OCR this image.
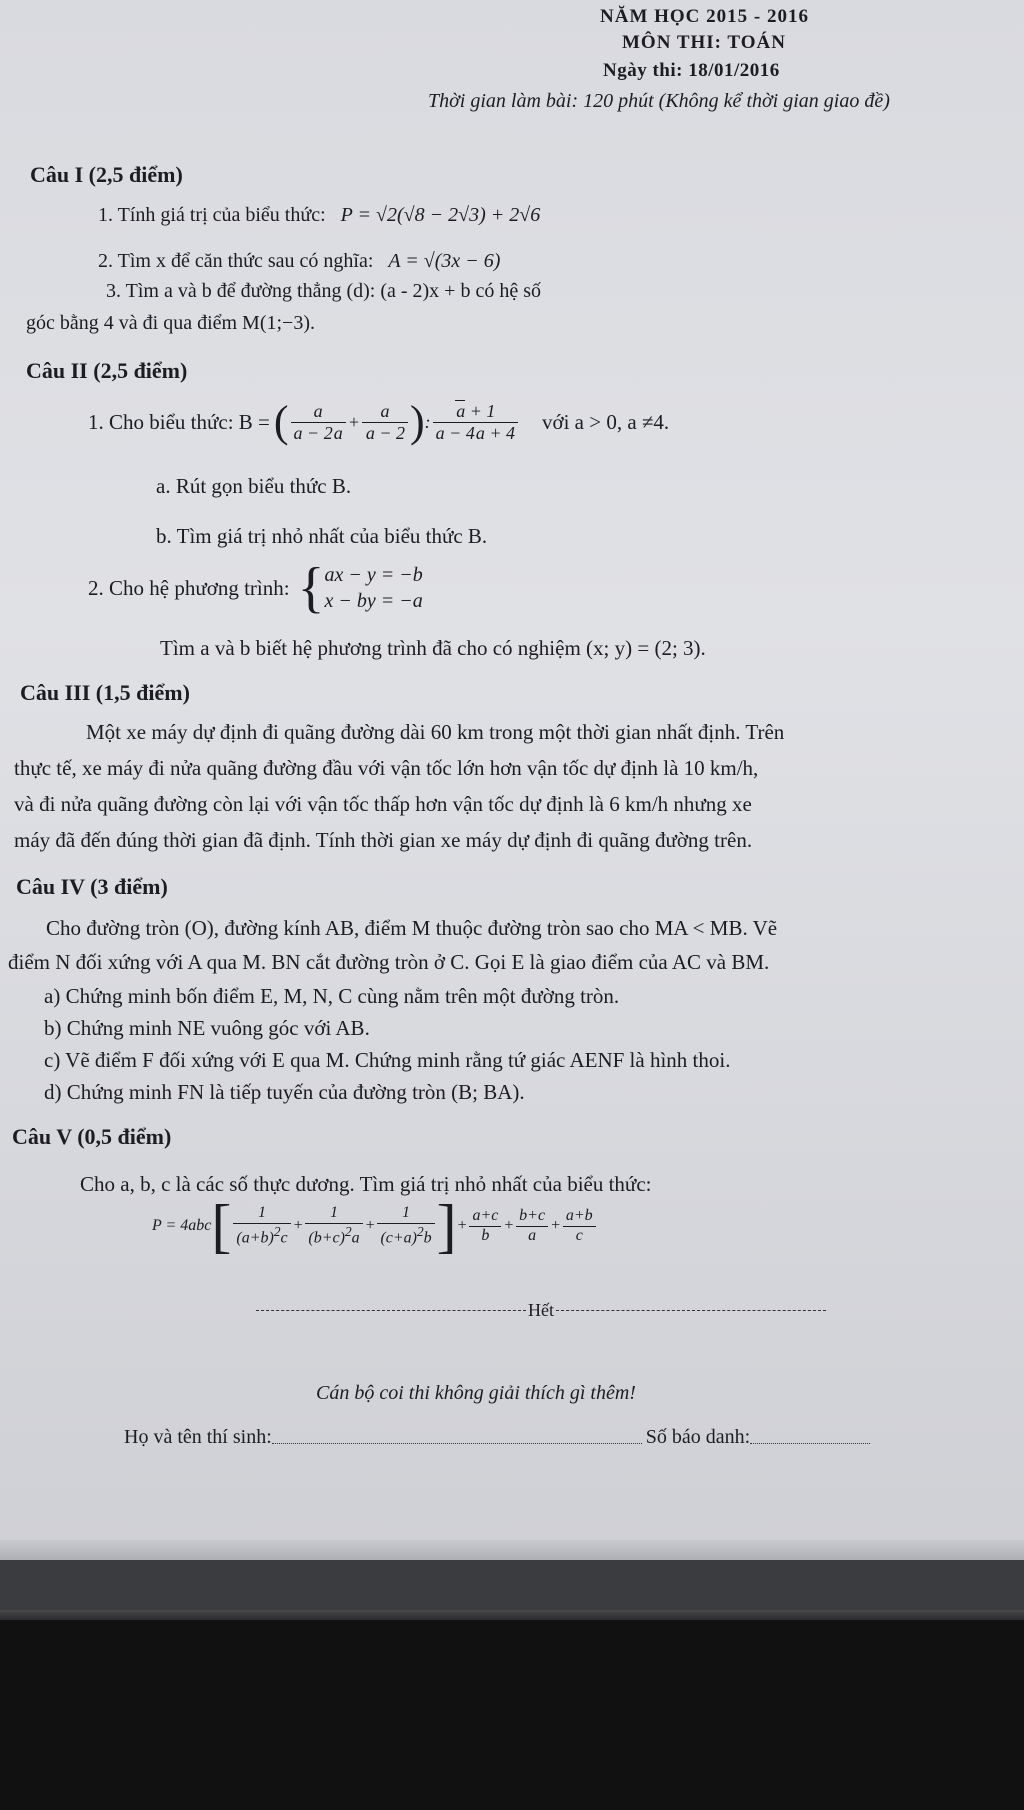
NĂM HỌC 2015 - 2016
MÔN THI: TOÁN
Ngày thi: 18/01/2016
Thời gian làm bài: 120 phút (Không kể thời gian giao đề)
Câu I (2,5 điểm)
1. Tính giá trị của biểu thức: P = √2(√8 − 2√3) + 2√6
2. Tìm x để căn thức sau có nghĩa: A = √(3x − 6)
3. Tìm a và b để đường thẳng (d): (a - 2)x + b có hệ số
góc bằng 4 và đi qua điểm M(1;−3).
Câu II (2,5 điểm)
1. Cho biểu thức: B = ( $\frac{a}{a - 2a} + \frac{a}{a - 2}$ ) : $\frac{a + 1}{a - 4a + 4}$ với a > 0, a ≠4.
a. Rút gọn biểu thức B.
b. Tìm giá trị nhỏ nhất của biểu thức B.
2. Cho hệ phương trình: { ax − y = −b
x − by = −a
Tìm a và b biết hệ phương trình đã cho có nghiệm (x; y) = (2; 3).
Câu III (1,5 điểm)
Một xe máy dự định đi quãng đường dài 60 km trong một thời gian nhất định. Trên
thực tế, xe máy đi nửa quãng đường đầu với vận tốc lớn hơn vận tốc dự định là 10 km/h,
và đi nửa quãng đường còn lại với vận tốc thấp hơn vận tốc dự định là 6 km/h nhưng xe
máy đã đến đúng thời gian đã định. Tính thời gian xe máy dự định đi quãng đường trên.
Câu IV (3 điểm)
Cho đường tròn (O), đường kính AB, điểm M thuộc đường tròn sao cho MA < MB. Vẽ
điểm N đối xứng với A qua M. BN cắt đường tròn ở C. Gọi E là giao điểm của AC và BM.
a) Chứng minh bốn điểm E, M, N, C cùng nằm trên một đường tròn.
b) Chứng minh NE vuông góc với AB.
c) Vẽ điểm F đối xứng với E qua M. Chứng minh rằng tứ giác AENF là hình thoi.
d) Chứng minh FN là tiếp tuyến của đường tròn (B; BA).
Câu V (0,5 điểm)
Cho a, b, c là các số thực dương. Tìm giá trị nhỏ nhất của biểu thức:
P = 4abc [ $\frac{1}{(a+b)^2c} + \frac{1}{(b+c)^2a} + \frac{1}{(c+a)^2b}$ ] + $\frac{a+c}{b} + \frac{b+c}{a} + \frac{a+b}{c}$
Hết
Cán bộ coi thi không giải thích gì thêm!
Họ và tên thí sinh:	Số báo danh:
